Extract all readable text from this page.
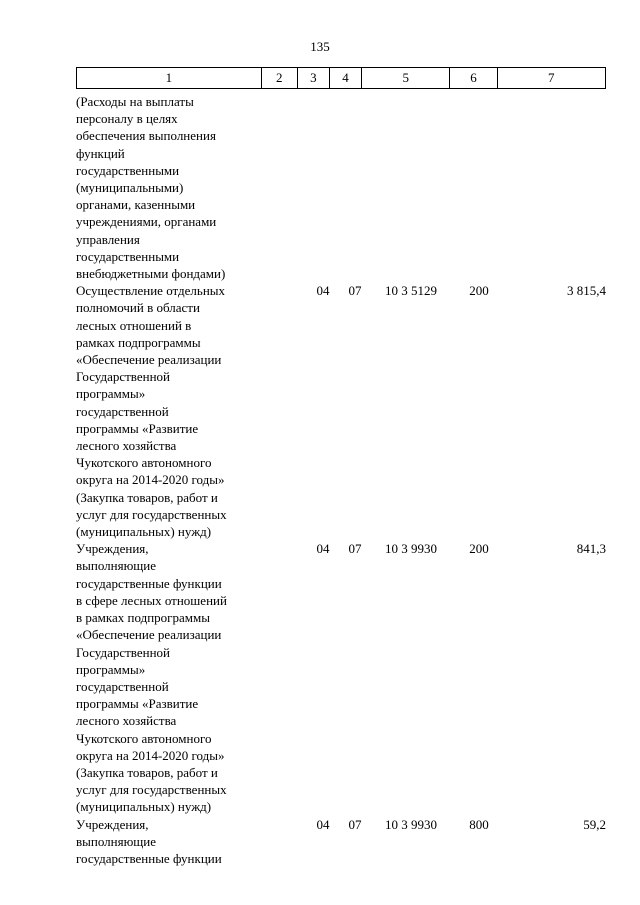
135
1	2	3	4	5	6	7
(Расходы на выплаты
персоналу в целях
обеспечения выполнения
функций
государственными
(муниципальными)
органами, казенными
учреждениями, органами
управления
государственными
внебюджетными фондами)
Осуществление отдельных
полномочий в области
лесных отношений в
рамках подпрограммы
«Обеспечение реализации
Государственной
программы»
государственной
программы «Развитие
лесного хозяйства
Чукотского автономного
округа на 2014-2020 годы»
(Закупка товаров, работ и
услуг для государственных
(муниципальных) нужд)
04	07	10 3 5129	200	3 815,4
Учреждения,
выполняющие
государственные функции
в сфере лесных отношений
в рамках подпрограммы
«Обеспечение реализации
Государственной
программы»
государственной
программы «Развитие
лесного хозяйства
Чукотского автономного
округа на 2014-2020 годы»
(Закупка товаров, работ и
услуг для государственных
(муниципальных) нужд)
04	07	10 3 9930	200	841,3
Учреждения,
выполняющие
государственные функции
04	07	10 3 9930	800	59,2
